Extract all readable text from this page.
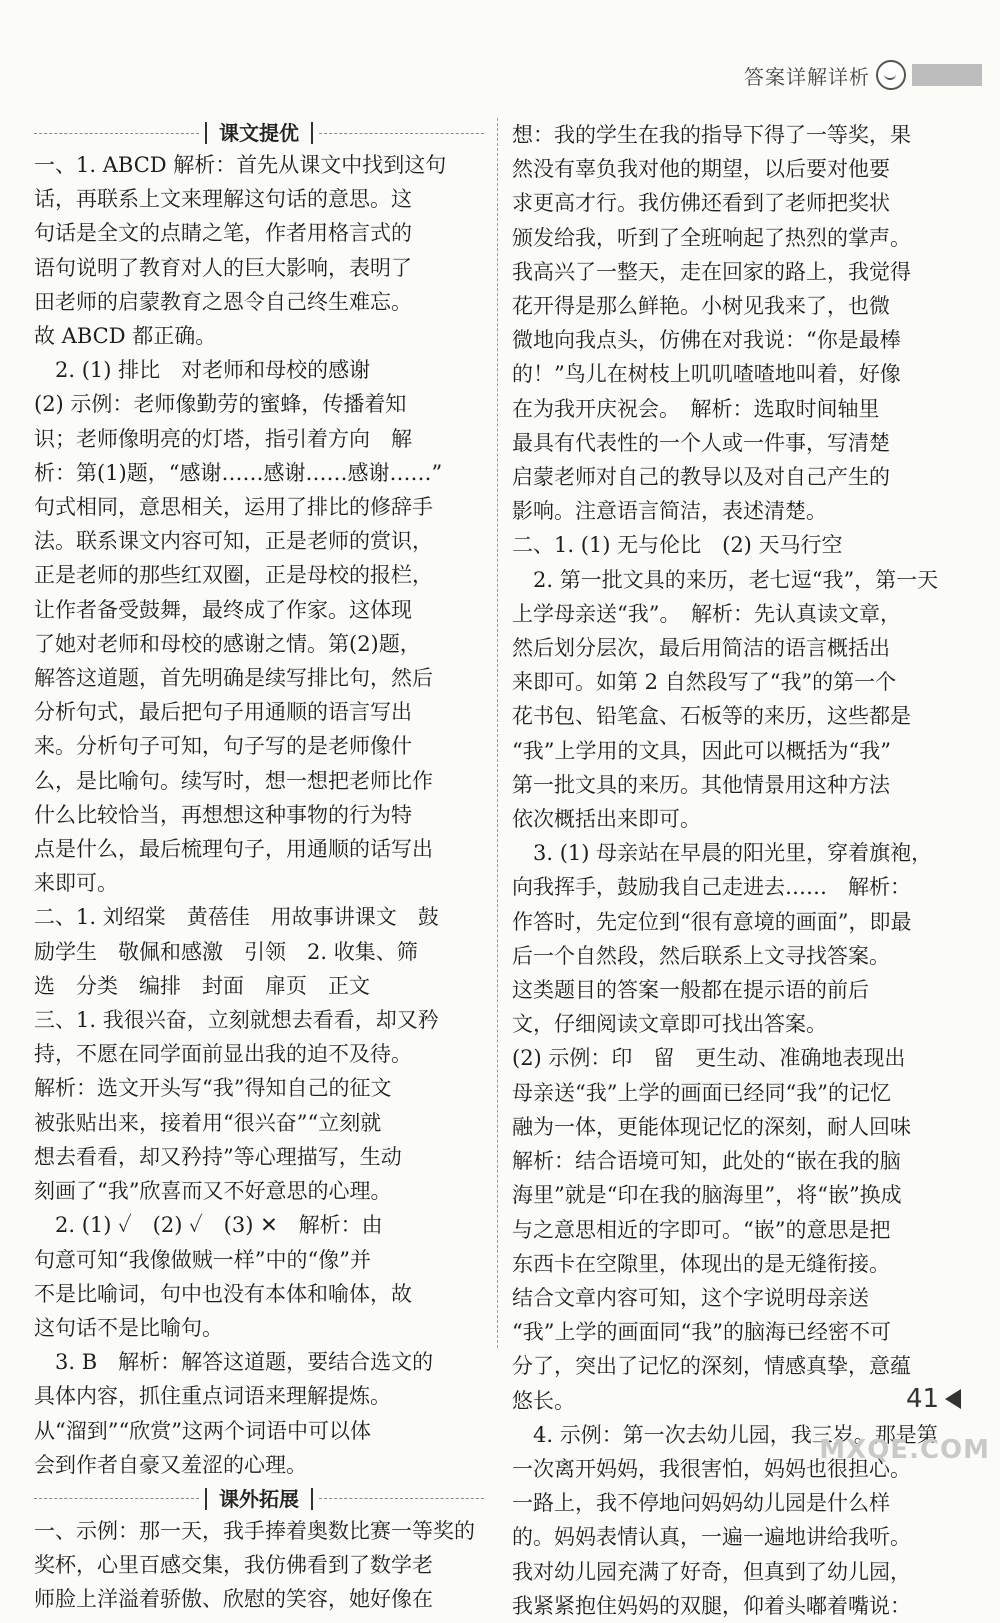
答案详解详析
课文提优

一、1. ABCD 解析：首先从课文中找到这句

话，再联系上文来理解这句话的意思。这

句话是全文的点睛之笔，作者用格言式的

语句说明了教育对人的巨大影响，表明了

田老师的启蒙教育之恩令自己终生难忘。

故 ABCD 都正确。

　2. (1) 排比　对老师和母校的感谢

(2) 示例：老师像勤劳的蜜蜂，传播着知

识；老师像明亮的灯塔，指引着方向　解

析：第(1)题，“感谢……感谢……感谢……”

句式相同，意思相关，运用了排比的修辞手

法。联系课文内容可知，正是老师的赏识，

正是老师的那些红双圈，正是母校的报栏，

让作者备受鼓舞，最终成了作家。这体现

了她对老师和母校的感谢之情。第(2)题，

解答这道题，首先明确是续写排比句，然后

分析句式，最后把句子用通顺的语言写出

来。分析句子可知，句子写的是老师像什

么，是比喻句。续写时，想一想把老师比作

什么比较恰当，再想想这种事物的行为特

点是什么，最后梳理句子，用通顺的话写出

来即可。

二、1. 刘绍棠　黄蓓佳　用故事讲课文　鼓

励学生　敬佩和感激　引领　2. 收集、筛

选　分类　编排　封面　扉页　正文

三、1. 我很兴奋，立刻就想去看看，却又矜

持，不愿在同学面前显出我的迫不及待。

解析：选文开头写“我”得知自己的征文

被张贴出来，接着用“很兴奋”“立刻就

想去看看，却又矜持”等心理描写，生动

刻画了“我”欣喜而又不好意思的心理。

　2. (1) ✓　(2) ✓　(3) ✕　解析：由

句意可知“我像做贼一样”中的“像”并

不是比喻词，句中也没有本体和喻体，故

这句话不是比喻句。

　3. B　解析：解答这道题，要结合选文的

具体内容，抓住重点词语来理解提炼。

从“溜到”“欣赏”这两个词语中可以体

会到作者自豪又羞涩的心理。

课外拓展

一、示例：那一天，我手捧着奥数比赛一等奖的

奖杯，心里百感交集，我仿佛看到了数学老

师脸上洋溢着骄傲、欣慰的笑容，她好像在

想：我的学生在我的指导下得了一等奖，果

然没有辜负我对他的期望，以后要对他要

求更高才行。我仿佛还看到了老师把奖状

颁发给我，听到了全班响起了热烈的掌声。

我高兴了一整天，走在回家的路上，我觉得

花开得是那么鲜艳。小树见我来了，也微

微地向我点头，仿佛在对我说：“你是最棒

的！”鸟儿在树枝上叽叽喳喳地叫着，好像

在为我开庆祝会。　解析：选取时间轴里

最具有代表性的一个人或一件事，写清楚

启蒙老师对自己的教导以及对自己产生的

影响。注意语言简洁，表述清楚。

二、1. (1) 无与伦比　(2) 天马行空

　2. 第一批文具的来历，老七逗“我”，第一天

上学母亲送“我”。　解析：先认真读文章，

然后划分层次，最后用简洁的语言概括出

来即可。如第 2 自然段写了“我”的第一个

花书包、铅笔盒、石板等的来历，这些都是

“我”上学用的文具，因此可以概括为“我”

第一批文具的来历。其他情景用这种方法

依次概括出来即可。

　3. (1) 母亲站在早晨的阳光里，穿着旗袍，

向我挥手，鼓励我自己走进去……　解析：

作答时，先定位到“很有意境的画面”，即最

后一个自然段，然后联系上文寻找答案。

这类题目的答案一般都在提示语的前后

文，仔细阅读文章即可找出答案。

(2) 示例：印　留　更生动、准确地表现出

母亲送“我”上学的画面已经同“我”的记忆

融为一体，更能体现记忆的深刻，耐人回味

解析：结合语境可知，此处的“嵌在我的脑

海里”就是“印在我的脑海里”，将“嵌”换成

与之意思相近的字即可。“嵌”的意思是把

东西卡在空隙里，体现出的是无缝衔接。

结合文章内容可知，这个字说明母亲送

“我”上学的画面同“我”的脑海已经密不可

分了，突出了记忆的深刻，情感真挚，意蕴

悠长。

　4. 示例：第一次去幼儿园，我三岁。那是第

一次离开妈妈，我很害怕，妈妈也很担心。

一路上，我不停地问妈妈幼儿园是什么样

的。妈妈表情认真，一遍一遍地讲给我听。

我对幼儿园充满了好奇，但真到了幼儿园，

我紧紧抱住妈妈的双腿，仰着头嘟着嘴说：

41
MXQE.COM
